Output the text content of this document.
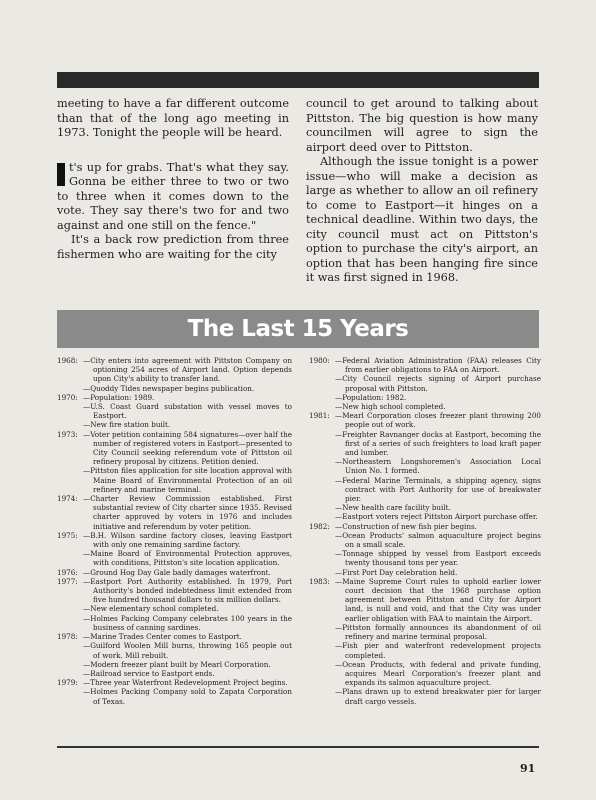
meeting to have a far different outcome than that of the long ago meeting in 1973. Tonight the people will be heard.

t's up for grabs. That's what they say. Gonna be either three to two or two to three when it comes down to the vote. They say there's two for and two against and one still on the fence."

It's a back row prediction from three fishermen who are waiting for the city

council to get around to talking about Pittston. The big question is how many councilmen will agree to sign the airport deed over to Pittston.

Although the issue tonight is a power issue—who will make a decision as large as whether to allow an oil refinery to come to Eastport—it hinges on a technical deadline. Within two days, the city council must act on Pittston's option to purchase the city's airport, an option that has been hanging fire since it was first signed in 1968.

The Last 15 Years
1968: —City enters into agreement with Pittston Company on optioning 254 acres of Airport land. Option depends upon City's ability to transfer land.
—Quoddy Tides newspaper begins publication.
1970: —Population: 1989.
—U.S. Coast Guard substation with vessel moves to Eastport.
—New fire station built.
1973: —Voter petition containing 584 signatures—over half the number of registered voters in Eastport—presented to City Council seeking referendum vote of Pittston oil refinery proposal by citizens. Petition denied.
—Pittston files application for site location approval with Maine Board of Environmental Protection of an oil refinery and marine terminal.
1974: —Charter Review Commission established. First substantial review of City charter since 1935. Revised charter approved by voters in 1976 and includes initiative and referendum by voter petition.
1975: —B.H. Wilson sardine factory closes, leaving Eastport with only one remaining sardine factory.
—Maine Board of Environmental Protection approves, with conditions, Pittston's site location application.
1976: —Ground Hog Day Gale badly damages waterfront.
1977: —Eastport Port Authority established. In 1979, Port Authority's bonded indebtedness limit extended from five hundred thousand dollars to six million dollars.
—New elementary school completed.
—Holmes Packing Company celebrates 100 years in the business of canning sardines.
1978: —Marine Trades Center comes to Eastport.
—Guilford Woolen Mill burns, throwing 165 people out of work. Mill rebuilt.
—Modern freezer plant built by Mearl Corporation.
—Railroad service to Eastport ends.
1979: —Three year Waterfront Redevelopment Project begins.
—Holmes Packing Company sold to Zapata Corporation of Texas.
1980: —Federal Aviation Administration (FAA) releases City from earlier obligations to FAA on Airport.
—City Council rejects signing of Airport purchase proposal with Pittston.
—Population: 1982.
—New high school completed.
1981: —Mearl Corporation closes freezer plant throwing 200 people out of work.
—Freighter Ravnanger docks at Eastport, becoming the first of a series of such freighters to load kraft paper and lumber.
—Northeastern Longshoremen's Association Local Union No. 1 formed.
—Federal Marine Terminals, a shipping agency, signs contract with Port Authority for use of breakwater pier.
—New health care facility built.
—Eastport voters reject Pittston Airport purchase offer.
1982: —Construction of new fish pier begins.
—Ocean Products' salmon aquaculture project begins on a small scale.
—Tonnage shipped by vessel from Eastport exceeds twenty thousand tons per year.
—First Port Day celebration held.
1983: —Maine Supreme Court rules to uphold earlier lower court decision that the 1968 purchase option agreement between Pittston and City for Airport land, is null and void, and that the City was under earlier obligation with FAA to maintain the Airport.
—Pittston formally announces its abandonment of oil refinery and marine terminal proposal.
—Fish pier and waterfront redevelopment projects completed.
—Ocean Products, with federal and private funding, acquires Mearl Corporation's freezer plant and expands its salmon aquaculture project.
—Plans drawn up to extend breakwater pier for larger draft cargo vessels.
91
